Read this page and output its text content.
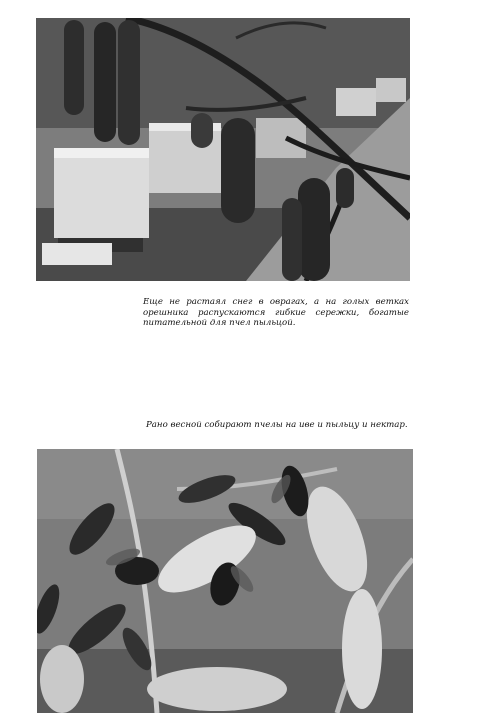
Еще не растаял снег в оврагах, а на голых ветках орешника распускаются гибкие сережки, богатые питательной для пчел пыльцой.

Рано весной собирают пчелы на иве и пыльцу и нектар.
